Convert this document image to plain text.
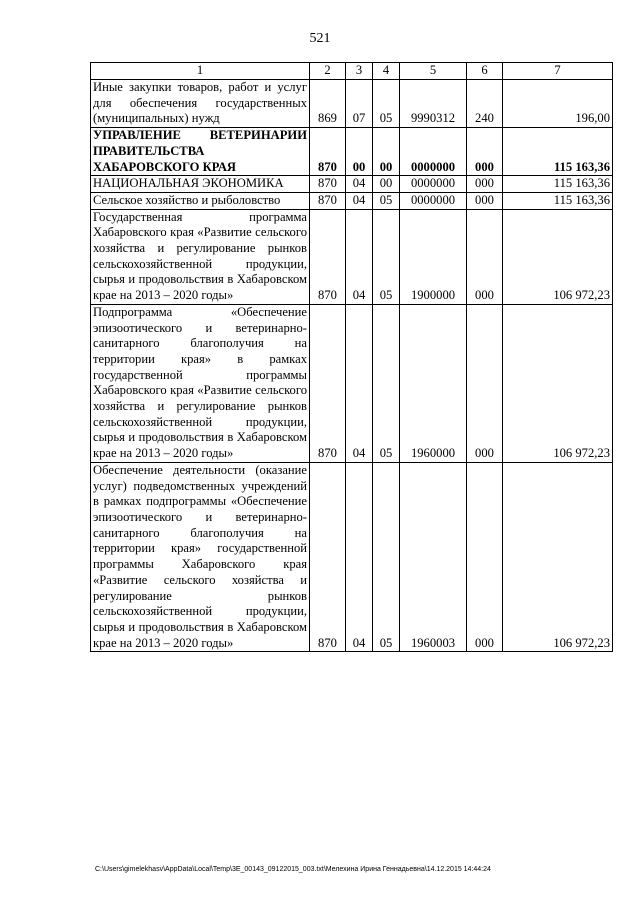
521
1	2	3	4	5	6	7
Иные закупки товаров, работ и услуг для обеспечения государственных (муниципальных) нужд	869	07	05	9990312	240	196,00
УПРАВЛЕНИЕ ВЕТЕРИНАРИИ ПРАВИТЕЛЬСТВА ХАБАРОВСКОГО КРАЯ	870	00	00	0000000	000	115 163,36
НАЦИОНАЛЬНАЯ ЭКОНОМИКА	870	04	00	0000000	000	115 163,36
Сельское хозяйство и рыболовство	870	04	05	0000000	000	115 163,36
Государственная программа Хабаровского края «Развитие сельского хозяйства и регулирование рынков сельскохозяйственной продукции, сырья и продовольствия в Хабаровском крае на 2013 – 2020 годы»	870	04	05	1900000	000	106 972,23
Подпрограмма «Обеспечение эпизоотического и ветеринарно-санитарного благополучия на территории края» в рамках государственной программы Хабаровского края «Развитие сельского хозяйства и регулирование рынков сельскохозяйственной продукции, сырья и продовольствия в Хабаровском крае на 2013 – 2020 годы»	870	04	05	1960000	000	106 972,23
Обеспечение деятельности (оказание услуг) подведомственных учреждений в рамках подпрограммы «Обеспечение эпизоотического и ветеринарно-санитарного благополучия на территории края» государственной программы Хабаровского края «Развитие сельского хозяйства и регулирование рынков сельскохозяйственной продукции, сырья и продовольствия в Хабаровском крае на 2013 – 2020 годы»	870	04	05	1960003	000	106 972,23
C:\Users\gimelekhasv\AppData\Local\Temp\3E_00143_09122015_003.txt\Мелехина Ирина Геннадьевна\14.12.2015 14:44:24
